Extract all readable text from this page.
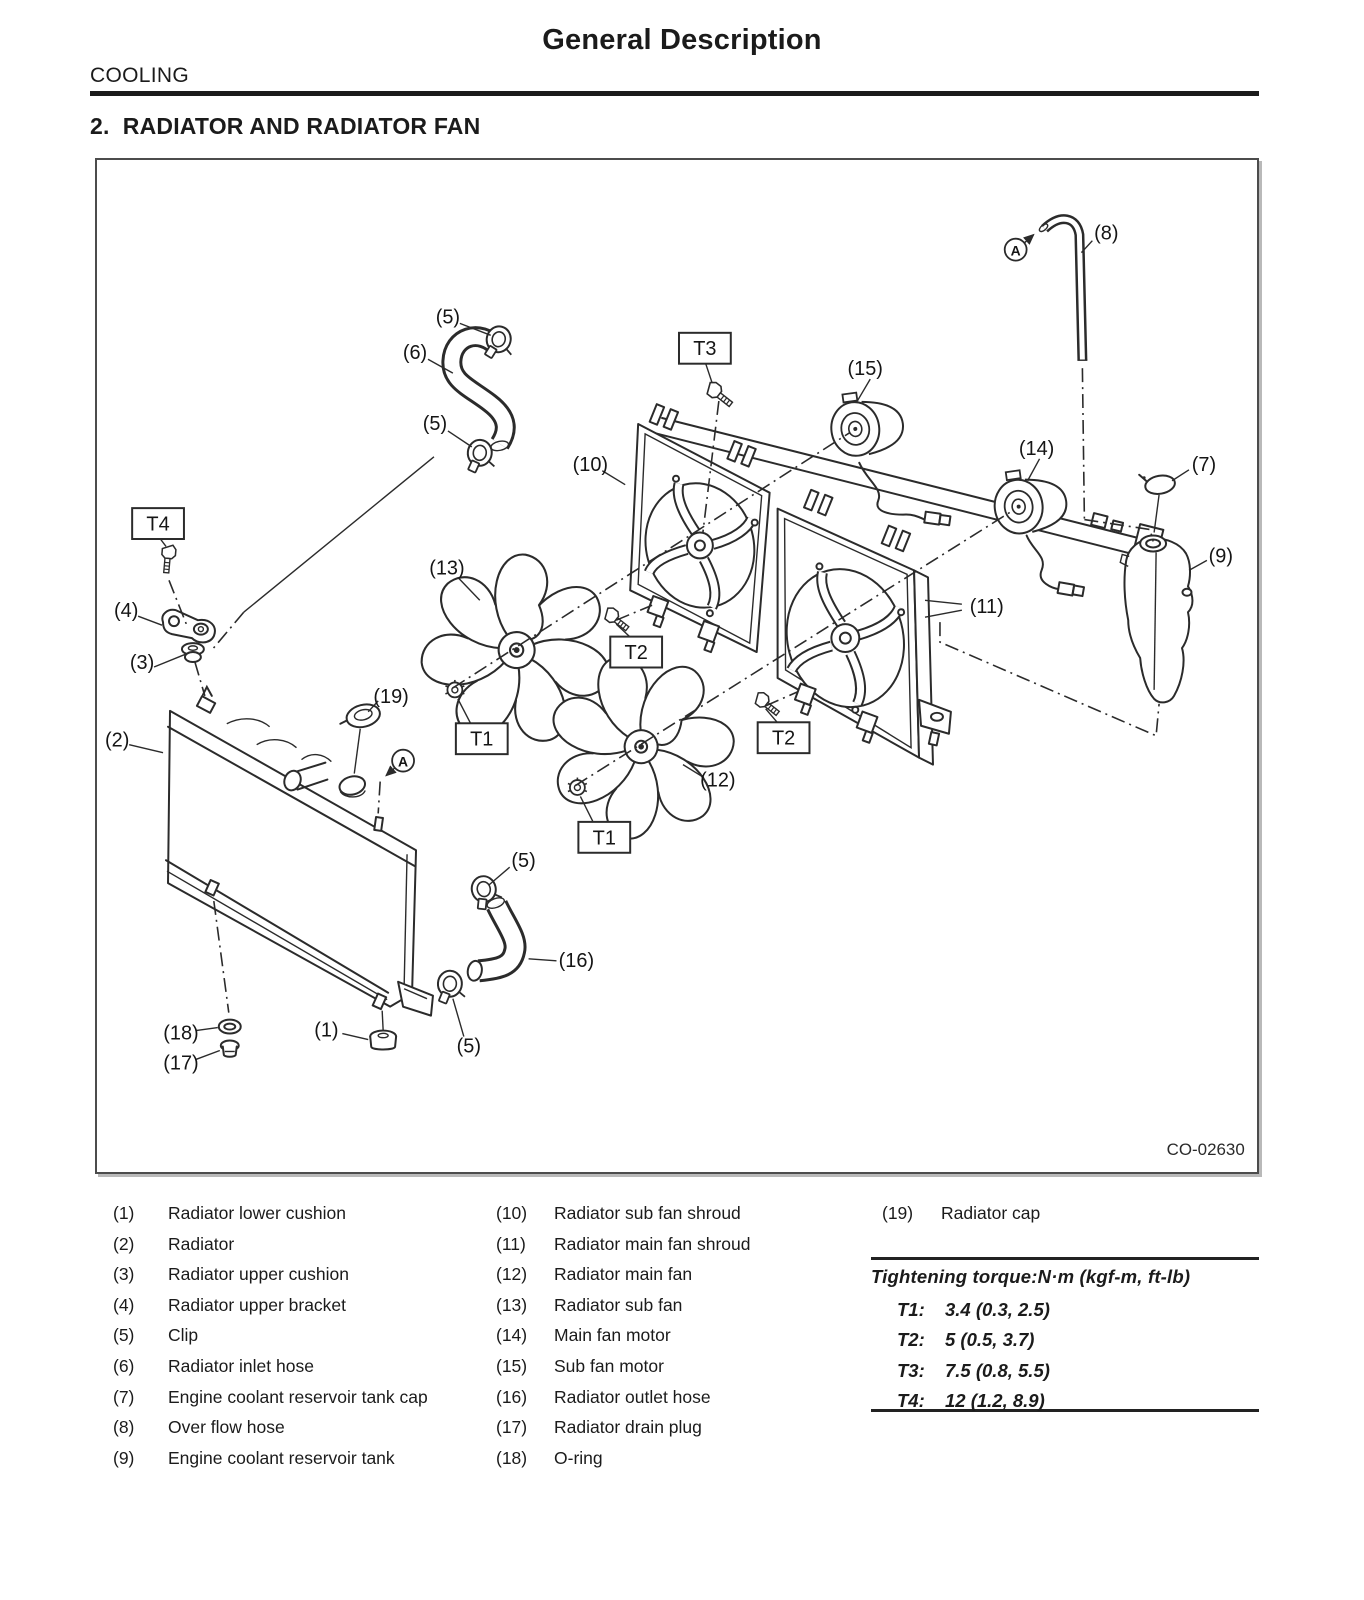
General Description
COOLING
2.  RADIATOR AND RADIATOR FAN
(8)
(5)
(6)
(15)
(5)
(14)
(7)
(10)
(9)
(13)
(4)	(11)
(3)
(19)
(2)
(12)
(5)
(16)
(18)	(1)
(5)
(17)
T4
T3
T2
T1	T2
T1
A
A
CO-02630
(1)	Radiator lower cushion
(2)	Radiator
(3)	Radiator upper cushion
(4)	Radiator upper bracket
(5)	Clip
(6)	Radiator inlet hose
(7)	Engine coolant reservoir tank cap
(8)	Over flow hose
(9)	Engine coolant reservoir tank
(10)	Radiator sub fan shroud
(11)	Radiator main fan shroud
(12)	Radiator main fan
(13)	Radiator sub fan
(14)	Main fan motor
(15)	Sub fan motor
(16)	Radiator outlet hose
(17)	Radiator drain plug
(18)	O-ring
(19)	Radiator cap
Tightening torque:N·m (kgf-m, ft-lb)
T1:	3.4 (0.3, 2.5)
T2:	5 (0.5, 3.7)
T3:	7.5 (0.8, 5.5)
T4:	12 (1.2, 8.9)
